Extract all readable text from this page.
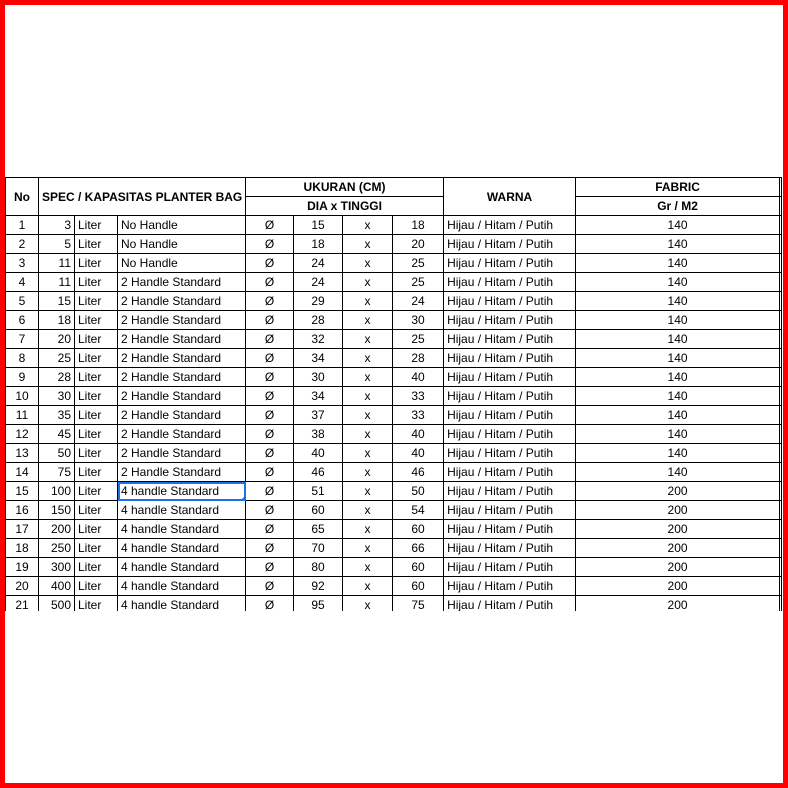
No	SPEC / KAPASITAS PLANTER BAG			UKURAN (CM)				WARNA	FABRIC	
				DIA x TINGGI					Gr / M2	
1	3	Liter	No Handle	Ø	15	x	18	Hijau / Hitam / Putih	140	
2	5	Liter	No Handle	Ø	18	x	20	Hijau / Hitam / Putih	140	
3	11	Liter	No Handle	Ø	24	x	25	Hijau / Hitam / Putih	140	
4	11	Liter	2 Handle Standard	Ø	24	x	25	Hijau / Hitam / Putih	140	
5	15	Liter	2 Handle Standard	Ø	29	x	24	Hijau / Hitam / Putih	140	
6	18	Liter	2 Handle Standard	Ø	28	x	30	Hijau / Hitam / Putih	140	
7	20	Liter	2 Handle Standard	Ø	32	x	25	Hijau / Hitam / Putih	140	
8	25	Liter	2 Handle Standard	Ø	34	x	28	Hijau / Hitam / Putih	140	
9	28	Liter	2 Handle Standard	Ø	30	x	40	Hijau / Hitam / Putih	140	
10	30	Liter	2 Handle Standard	Ø	34	x	33	Hijau / Hitam / Putih	140	
11	35	Liter	2 Handle Standard	Ø	37	x	33	Hijau / Hitam / Putih	140	
12	45	Liter	2 Handle Standard	Ø	38	x	40	Hijau / Hitam / Putih	140	
13	50	Liter	2 Handle Standard	Ø	40	x	40	Hijau / Hitam / Putih	140	
14	75	Liter	2 Handle Standard	Ø	46	x	46	Hijau / Hitam / Putih	140	
15	100	Liter	4 handle Standard	Ø	51	x	50	Hijau / Hitam / Putih	200	
16	150	Liter	4 handle Standard	Ø	60	x	54	Hijau / Hitam / Putih	200	
17	200	Liter	4 handle Standard	Ø	65	x	60	Hijau / Hitam / Putih	200	
18	250	Liter	4 handle Standard	Ø	70	x	66	Hijau / Hitam / Putih	200	
19	300	Liter	4 handle Standard	Ø	80	x	60	Hijau / Hitam / Putih	200	
20	400	Liter	4 handle Standard	Ø	92	x	60	Hijau / Hitam / Putih	200	
21	500	Liter	4 handle Standard	Ø	95	x	75	Hijau / Hitam / Putih	200	
